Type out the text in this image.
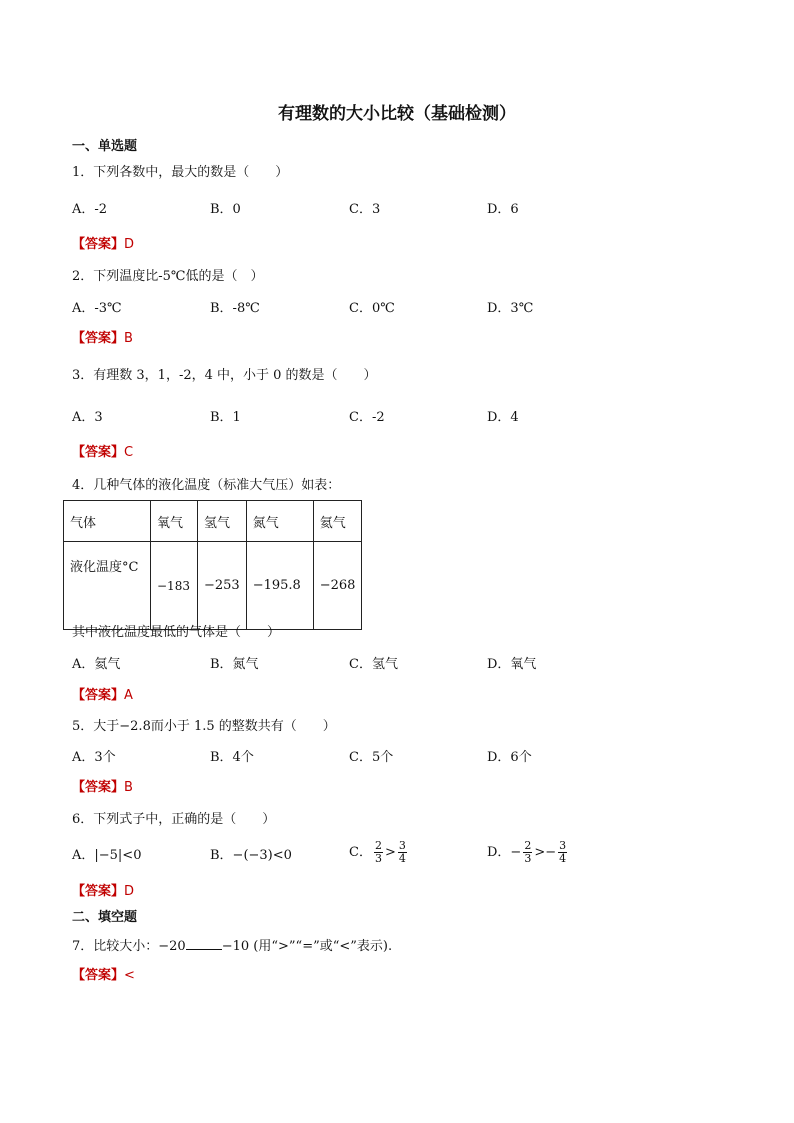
有理数的大小比较（基础检测）
一、单选题
1．下列各数中，最大的数是（　　）
A．-2	B．0	C．3	D．6
【答案】D
2．下列温度比-5℃低的是（　）
A．-3℃	B．-8℃	C．0℃	D．3℃
【答案】B
3．有理数 3，1，-2，4 中，小于 0 的数是（　　）
A．3	B．1	C．-2	D．4
【答案】C
4．几种气体的液化温度（标准大气压）如表：
气体	氧气	氢气	氮气	氦气
液化温度°C	−183	−253	−195.8	−268
其中液化温度最低的气体是（　　）
A．氦气	B．氮气	C．氢气	D．氧气
【答案】A
5．大于−2.8而小于 1.5 的整数共有（　　）
A．3个	B．4个	C．5个	D．6个
【答案】B
6．下列式子中，正确的是（　　）
A．|−5|<0	B．−(−3)<0	C． $\frac{2}{3} > \frac{3}{4}$	D．− $\frac{2}{3} >- \frac{3}{4}$
【答案】D
二、填空题
7．比较大小：−20	−10 (用“>”“=”或“<”表示).
【答案】<
